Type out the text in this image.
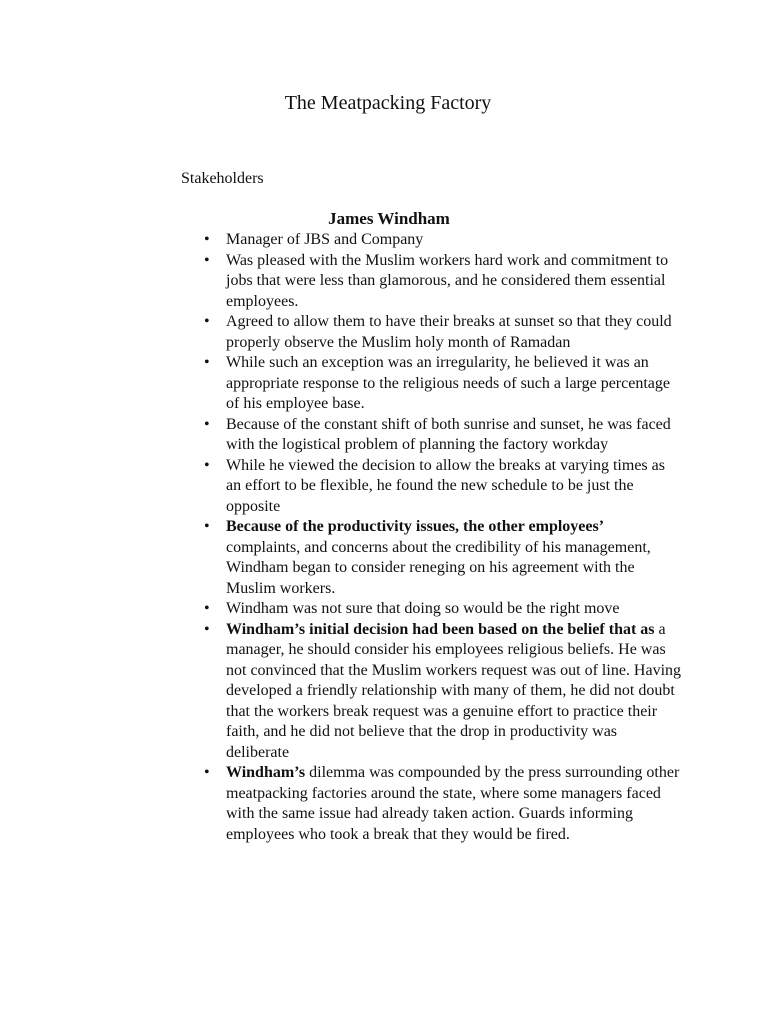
The Meatpacking Factory

Stakeholders

James Windham
• Manager of JBS and Company
• Was pleased with the Muslim workers hard work and commitment to jobs that were less than glamorous, and he considered them essential employees.
• Agreed to allow them to have their breaks at sunset so that they could properly observe the Muslim holy month of Ramadan
• While such an exception was an irregularity, he believed it was an appropriate response to the religious needs of such a large percentage of his employee base.
• Because of the constant shift of both sunrise and sunset, he was faced with the logistical problem of planning the factory workday
• While he viewed the decision to allow the breaks at varying times as an effort to be flexible, he found the new schedule to be just the opposite
• Because of the productivity issues, the other employees’ complaints, and concerns about the credibility of his management, Windham began to consider reneging on his agreement with the Muslim workers.
• Windham was not sure that doing so would be the right move
• Windham’s initial decision had been based on the belief that as a manager, he should consider his employees religious beliefs. He was not convinced that the Muslim workers request was out of line. Having developed a friendly relationship with many of them, he did not doubt that the workers break request was a genuine effort to practice their faith, and he did not believe that the drop in productivity was deliberate
• Windham’s dilemma was compounded by the press surrounding other meatpacking factories around the state, where some managers faced with the same issue had already taken action. Guards informing employees who took a break that they would be fired.
